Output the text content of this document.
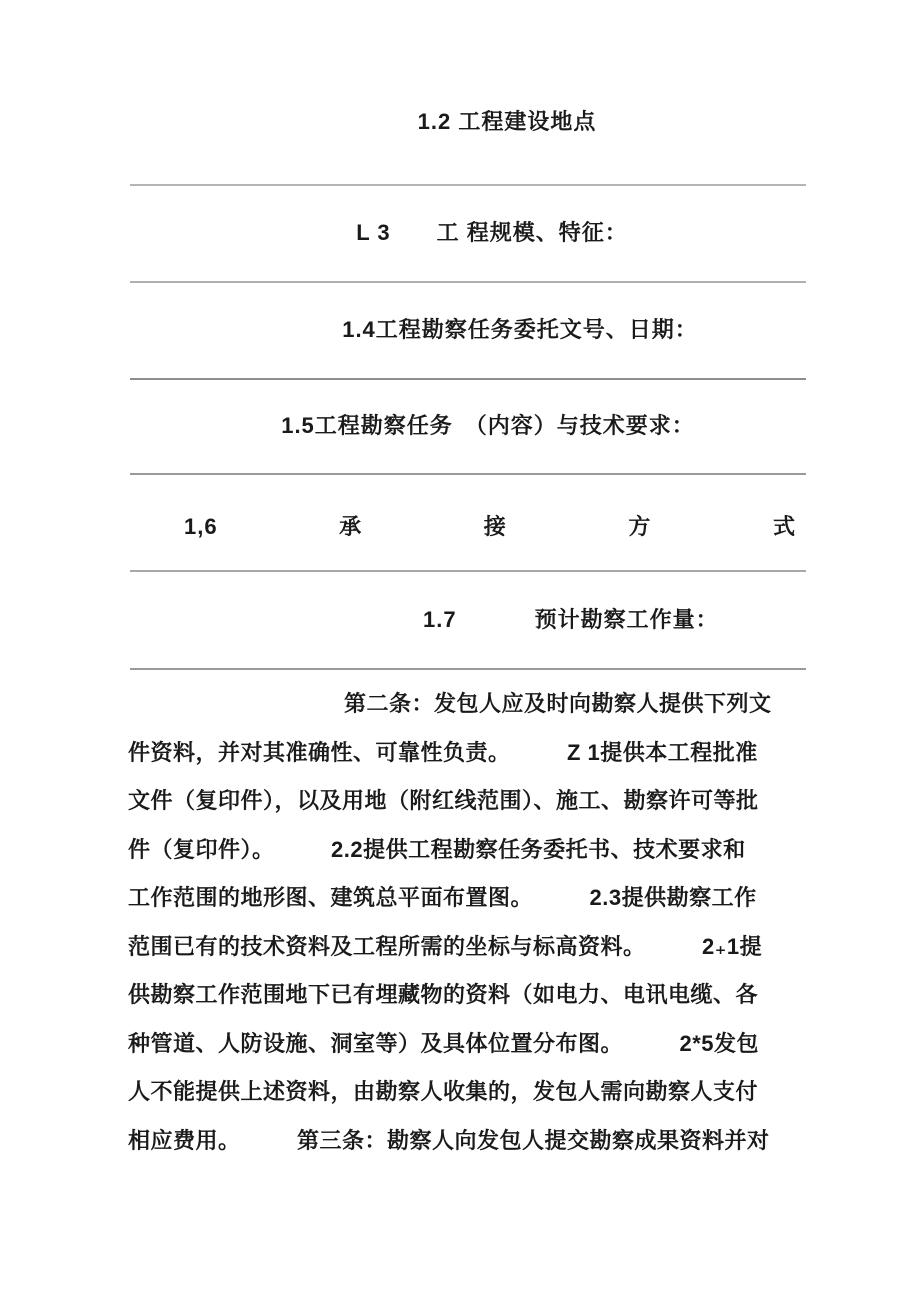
1.2 工程建设地点
L 3　　工 程规模、特征：
1.4工程勘察任务委托文号、日期：
1.5工程勘察任务　（内容）与技术要求：
1,6	承	接	方	式
1.7	预计勘察工作量：
第二条：发包人应及时向勘察人提供下列文
件资料，并对其准确性、可靠性负责。　　　Z 1提供本工程批准
文件（复印件），以及用地（附红线范围）、施工、勘察许可等批
件（复印件）。　　　2.2提供工程勘察任务委托书、技术要求和
工作范围的地形图、建筑总平面布置图。　　　2.3提供勘察工作
范围已有的技术资料及工程所需的坐标与标高资料。　　　2₊1提
供勘察工作范围地下已有埋藏物的资料（如电力、电讯电缆、各
种管道、人防设施、洞室等）及具体位置分布图。　　　2*5发包
人不能提供上述资料，由勘察人收集的，发包人需向勘察人支付
相应费用。　　　第三条：勘察人向发包人提交勘察成果资料并对
